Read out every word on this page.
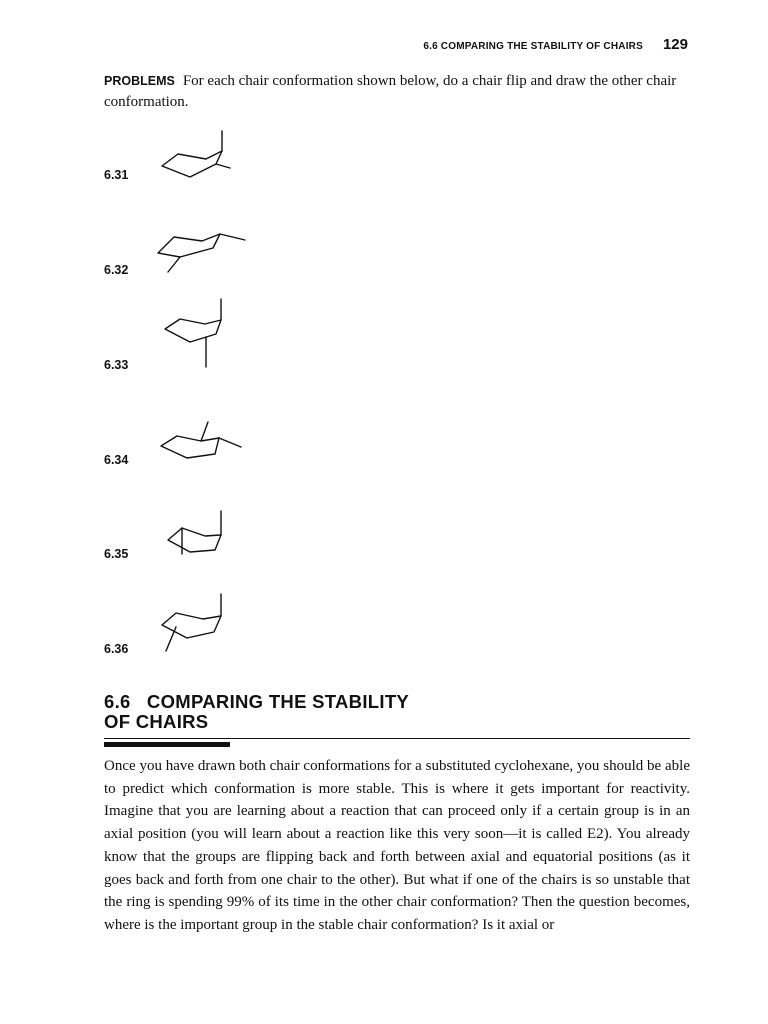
6.6 COMPARING THE STABILITY OF CHAIRS 129

PROBLEMS For each chair conformation shown below, do a chair flip and draw the other chair conformation.

6.31
6.32
6.33
6.34
6.35
6.36
6.6   COMPARING THE STABILITY
OF CHAIRS

Once you have drawn both chair conformations for a substituted cyclohexane, you should be able to predict which conformation is more stable. This is where it gets important for reactivity. Imagine that you are learning about a reaction that can proceed only if a certain group is in an axial position (you will learn about a reaction like this very soon—it is called E2). You already know that the groups are flipping back and forth between axial and equatorial positions (as it goes back and forth from one chair to the other). But what if one of the chairs is so unstable that the ring is spending 99% of its time in the other chair conformation? Then the question becomes, where is the important group in the stable chair conformation? Is it axial or
